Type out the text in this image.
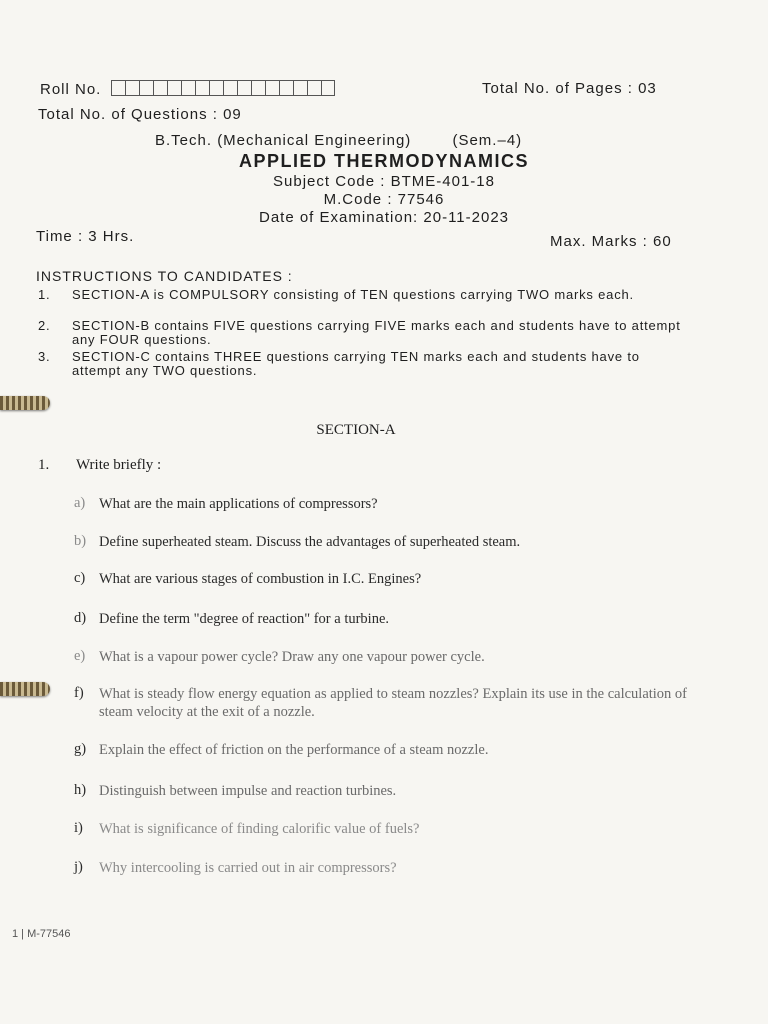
Roll No.	Total No. of Pages : 03
Total No. of Questions : 09
B.Tech. (Mechanical Engineering)	(Sem.–4)
APPLIED THERMODYNAMICS
Subject Code : BTME-401-18
M.Code : 77546
Date of Examination: 20-11-2023
Time : 3 Hrs.	Max. Marks : 60
INSTRUCTIONS TO CANDIDATES :
1. SECTION-A is COMPULSORY consisting of TEN questions carrying TWO marks each.
2. SECTION-B contains FIVE questions carrying FIVE marks each and students have to attempt any FOUR questions.
3. SECTION-C contains THREE questions carrying TEN marks each and students have to attempt any TWO questions.
SECTION-A
1. Write briefly :
a) What are the main applications of compressors?
b) Define superheated steam. Discuss the advantages of superheated steam.
c) What are various stages of combustion in I.C. Engines?
d) Define the term "degree of reaction" for a turbine.
e) What is a vapour power cycle? Draw any one vapour power cycle.
f) What is steady flow energy equation as applied to steam nozzles? Explain its use in the calculation of steam velocity at the exit of a nozzle.
g) Explain the effect of friction on the performance of a steam nozzle.
h) Distinguish between impulse and reaction turbines.
i) What is significance of finding calorific value of fuels?
j) Why intercooling is carried out in air compressors?
1 | M-77546
